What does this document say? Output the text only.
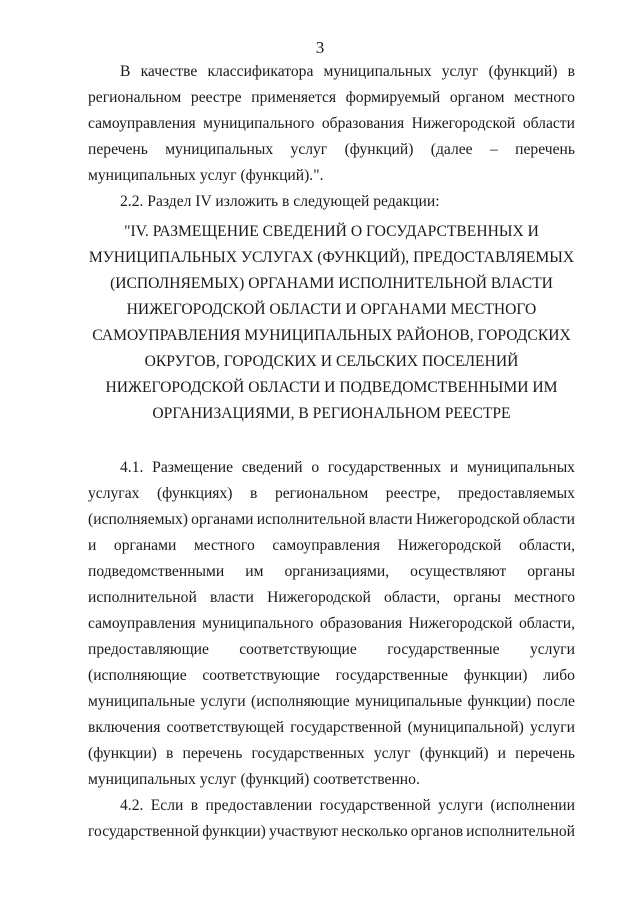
3
В качестве классификатора муниципальных услуг (функций) в
региональном реестре применяется формируемый органом местного
самоуправления муниципального образования Нижегородской области
перечень муниципальных услуг (функций) (далее – перечень
муниципальных услуг (функций).".
2.2. Раздел IV изложить в следующей редакции:
"IV. РАЗМЕЩЕНИЕ СВЕДЕНИЙ О ГОСУДАРСТВЕННЫХ И
МУНИЦИПАЛЬНЫХ УСЛУГАХ (ФУНКЦИЙ), ПРЕДОСТАВЛЯЕМЫХ
(ИСПОЛНЯЕМЫХ) ОРГАНАМИ ИСПОЛНИТЕЛЬНОЙ ВЛАСТИ
НИЖЕГОРОДСКОЙ ОБЛАСТИ И ОРГАНАМИ МЕСТНОГО
САМОУПРАВЛЕНИЯ МУНИЦИПАЛЬНЫХ РАЙОНОВ, ГОРОДСКИХ
ОКРУГОВ, ГОРОДСКИХ И СЕЛЬСКИХ ПОСЕЛЕНИЙ
НИЖЕГОРОДСКОЙ ОБЛАСТИ И ПОДВЕДОМСТВЕННЫМИ ИМ
ОРГАНИЗАЦИЯМИ, В РЕГИОНАЛЬНОМ РЕЕСТРЕ
4.1. Размещение сведений о государственных и муниципальных
услугах (функциях) в региональном реестре, предоставляемых
(исполняемых) органами исполнительной власти Нижегородской области
и органами местного самоуправления Нижегородской области,
подведомственными им организациями, осуществляют органы
исполнительной власти Нижегородской области, органы местного
самоуправления муниципального образования Нижегородской области,
предоставляющие соответствующие государственные услуги
(исполняющие соответствующие государственные функции) либо
муниципальные услуги (исполняющие муниципальные функции) после
включения соответствующей государственной (муниципальной) услуги
(функции) в перечень государственных услуг (функций) и перечень
муниципальных услуг (функций) соответственно.
4.2. Если в предоставлении государственной услуги (исполнении
государственной функции) участвуют несколько органов исполнительной
